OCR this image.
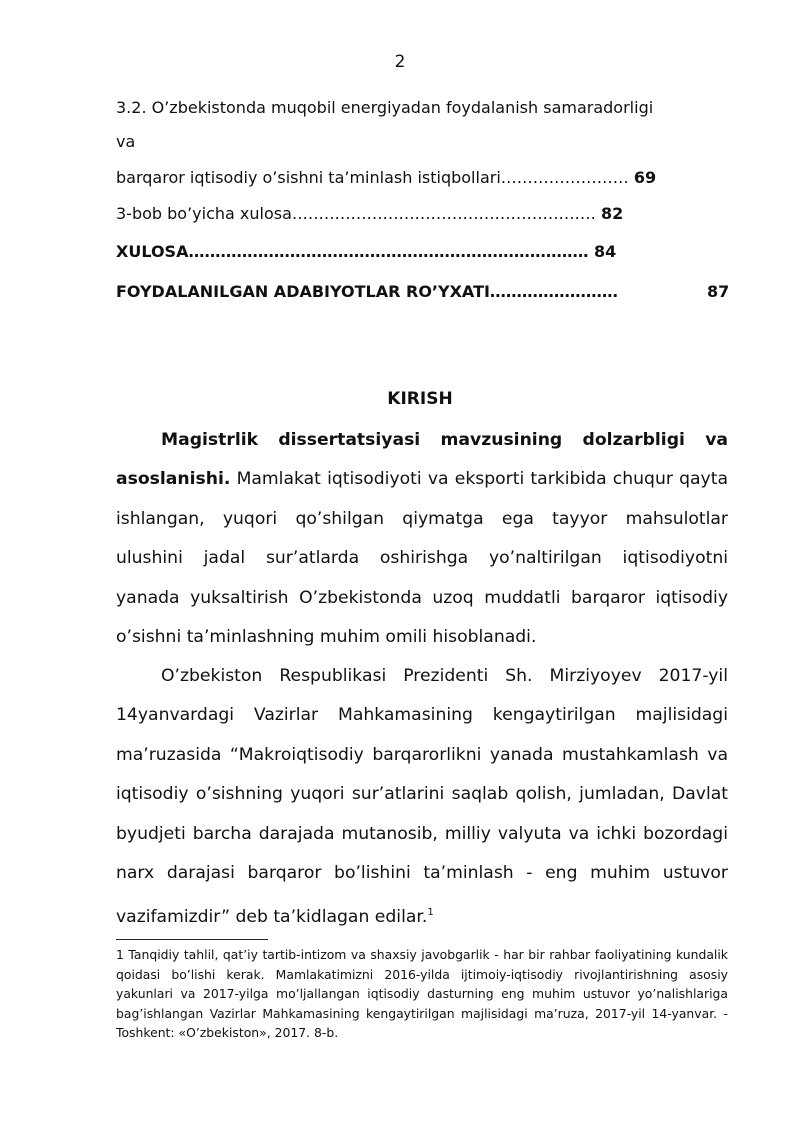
2
3.2. O’zbekistonda muqobil energiyadan foydalanish samaradorligi
va
barqaror iqtisodiy o’sishni ta’minlash istiqbollari…………………… 69
3-bob bo’yicha xulosa………………………………………………… 82
XULOSA………………………………………………………………… 84
FOYDALANILGAN ADABIYOTLAR RO’YXATI……………………	87
KIRISH
Magistrlik dissertatsiyasi mavzusining dolzarbligi va
asoslanishi. Mamlakat iqtisodiyoti va eksporti tarkibida chuqur qayta
ishlangan, yuqori qo’shilgan qiymatga ega tayyor mahsulotlar
ulushini jadal sur’atlarda oshirishga yo’naltirilgan iqtisodiyotni
yanada yuksaltirish O’zbekistonda uzoq muddatli barqaror iqtisodiy
o’sishni ta’minlashning muhim omili hisoblanadi.
O’zbekiston Respublikasi Prezidenti Sh. Mirziyoyev 2017-yil
14yanvardagi Vazirlar Mahkamasining kengaytirilgan majlisidagi
ma’ruzasida “Makroiqtisodiy barqarorlikni yanada mustahkamlash va
iqtisodiy o’sishning yuqori sur’atlarini saqlab qolish, jumladan, Davlat
byudjeti barcha darajada mutanosib, milliy valyuta va ichki bozordagi
narx darajasi barqaror bo’lishini ta’minlash - eng muhim ustuvor
vazifamizdir” deb ta’kidlagan edilar.$^1$
1 Tanqidiy tahlil, qat’iy tartib-intizom va shaxsiy javobgarlik - har bir rahbar faoliyatining kundalik
qoidasi bo’lishi kerak. Mamlakatimizni 2016-yilda ijtimoiy-iqtisodiy rivojlantirishning asosiy
yakunlari va 2017-yilga mo’ljallangan iqtisodiy dasturning eng muhim ustuvor yo’nalishlariga
bag’ishlangan Vazirlar Mahkamasining kengaytirilgan majlisidagi ma’ruza, 2017-yil 14-yanvar. -
Toshkent: «O’zbekiston», 2017. 8-b.
